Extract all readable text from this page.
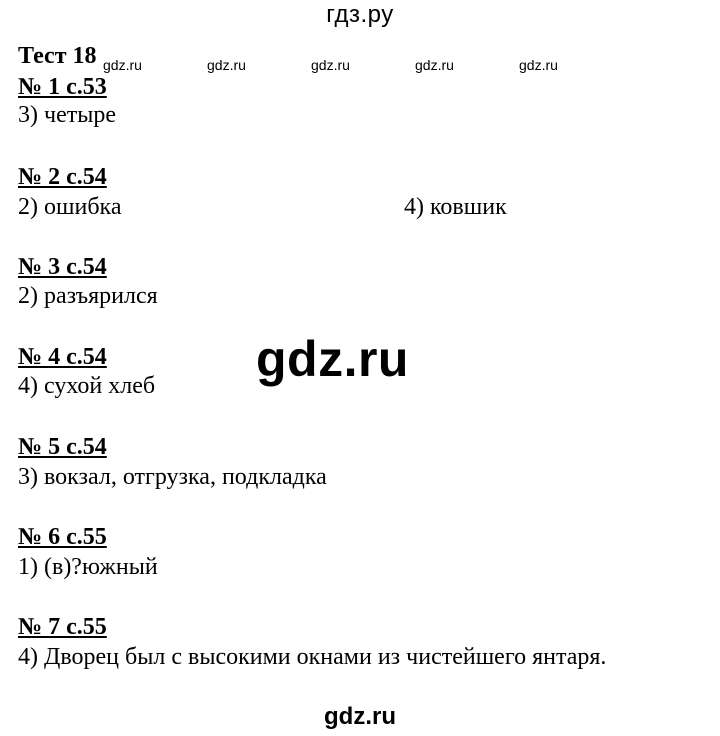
гдз.ру
Тест 18 gdz.ru	gdz.ru	gdz.ru	gdz.ru	gdz.ru
№ 1 с.53
3) четыре
№ 2 с.54
2) ошибка	4) ковшик
№ 3 с.54
2) разъярился
№ 4 с.54
4) сухой хлеб
№ 5 с.54
3) вокзал, отгрузка, подкладка
№ 6 с.55
1) (в)?южный
№ 7 с.55
4) Дворец был с высокими окнами из чистейшего янтаря.
gdz.ru
gdz.ru
